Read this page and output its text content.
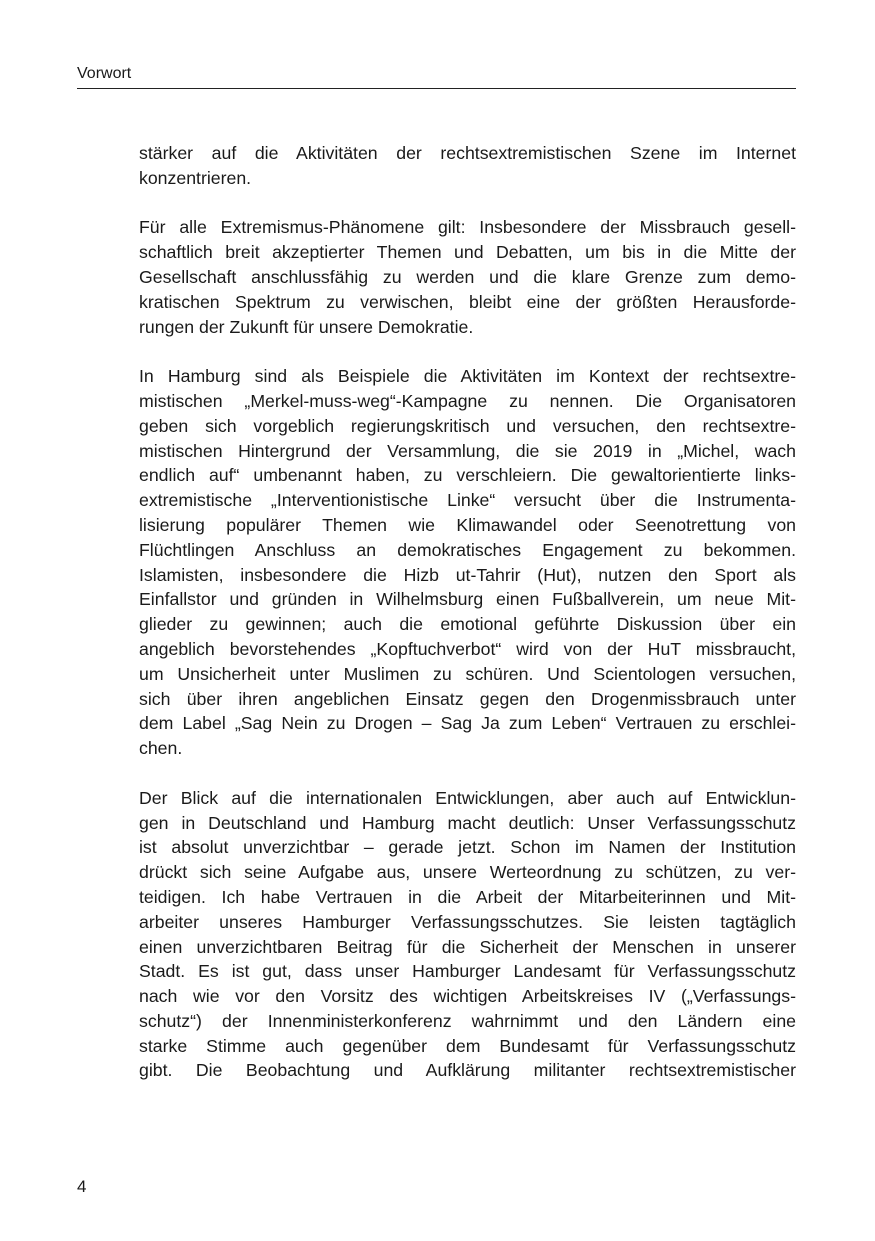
Vorwort
stärker auf die Aktivitäten der rechtsextremistischen Szene im Internet
konzentrieren.
Für alle Extremismus-Phänomene gilt: Insbesondere der Missbrauch gesell-
schaftlich breit akzeptierter Themen und Debatten, um bis in die Mitte der
Gesellschaft anschlussfähig zu werden und die klare Grenze zum demo-
kratischen Spektrum zu verwischen, bleibt eine der größten Herausforde-
rungen der Zukunft für unsere Demokratie.
In Hamburg sind als Beispiele die Aktivitäten im Kontext der rechtsextre-
mistischen „Merkel-muss-weg“-Kampagne zu nennen. Die Organisatoren
geben sich vorgeblich regierungskritisch und versuchen, den rechtsextre-
mistischen Hintergrund der Versammlung, die sie 2019 in „Michel, wach
endlich auf“ umbenannt haben, zu verschleiern. Die gewaltorientierte links-
extremistische „Interventionistische Linke“ versucht über die Instrumenta-
lisierung populärer Themen wie Klimawandel oder Seenotrettung von
Flüchtlingen Anschluss an demokratisches Engagement zu bekommen.
Islamisten, insbesondere die Hizb ut-Tahrir (Hut), nutzen den Sport als
Einfallstor und gründen in Wilhelmsburg einen Fußballverein, um neue Mit-
glieder zu gewinnen; auch die emotional geführte Diskussion über ein
angeblich bevorstehendes „Kopftuchverbot“ wird von der HuT missbraucht,
um Unsicherheit unter Muslimen zu schüren. Und Scientologen versuchen,
sich über ihren angeblichen Einsatz gegen den Drogenmissbrauch unter
dem Label „Sag Nein zu Drogen – Sag Ja zum Leben“ Vertrauen zu erschlei-
chen.
Der Blick auf die internationalen Entwicklungen, aber auch auf Entwicklun-
gen in Deutschland und Hamburg macht deutlich: Unser Verfassungsschutz
ist absolut unverzichtbar – gerade jetzt. Schon im Namen der Institution
drückt sich seine Aufgabe aus, unsere Werteordnung zu schützen, zu ver-
teidigen. Ich habe Vertrauen in die Arbeit der Mitarbeiterinnen und Mit-
arbeiter unseres Hamburger Verfassungsschutzes. Sie leisten tagtäglich
einen unverzichtbaren Beitrag für die Sicherheit der Menschen in unserer
Stadt. Es ist gut, dass unser Hamburger Landesamt für Verfassungsschutz
nach wie vor den Vorsitz des wichtigen Arbeitskreises IV („Verfassungs-
schutz“) der Innenministerkonferenz wahrnimmt und den Ländern eine
starke Stimme auch gegenüber dem Bundesamt für Verfassungsschutz
gibt. Die Beobachtung und Aufklärung militanter rechtsextremistischer
4
